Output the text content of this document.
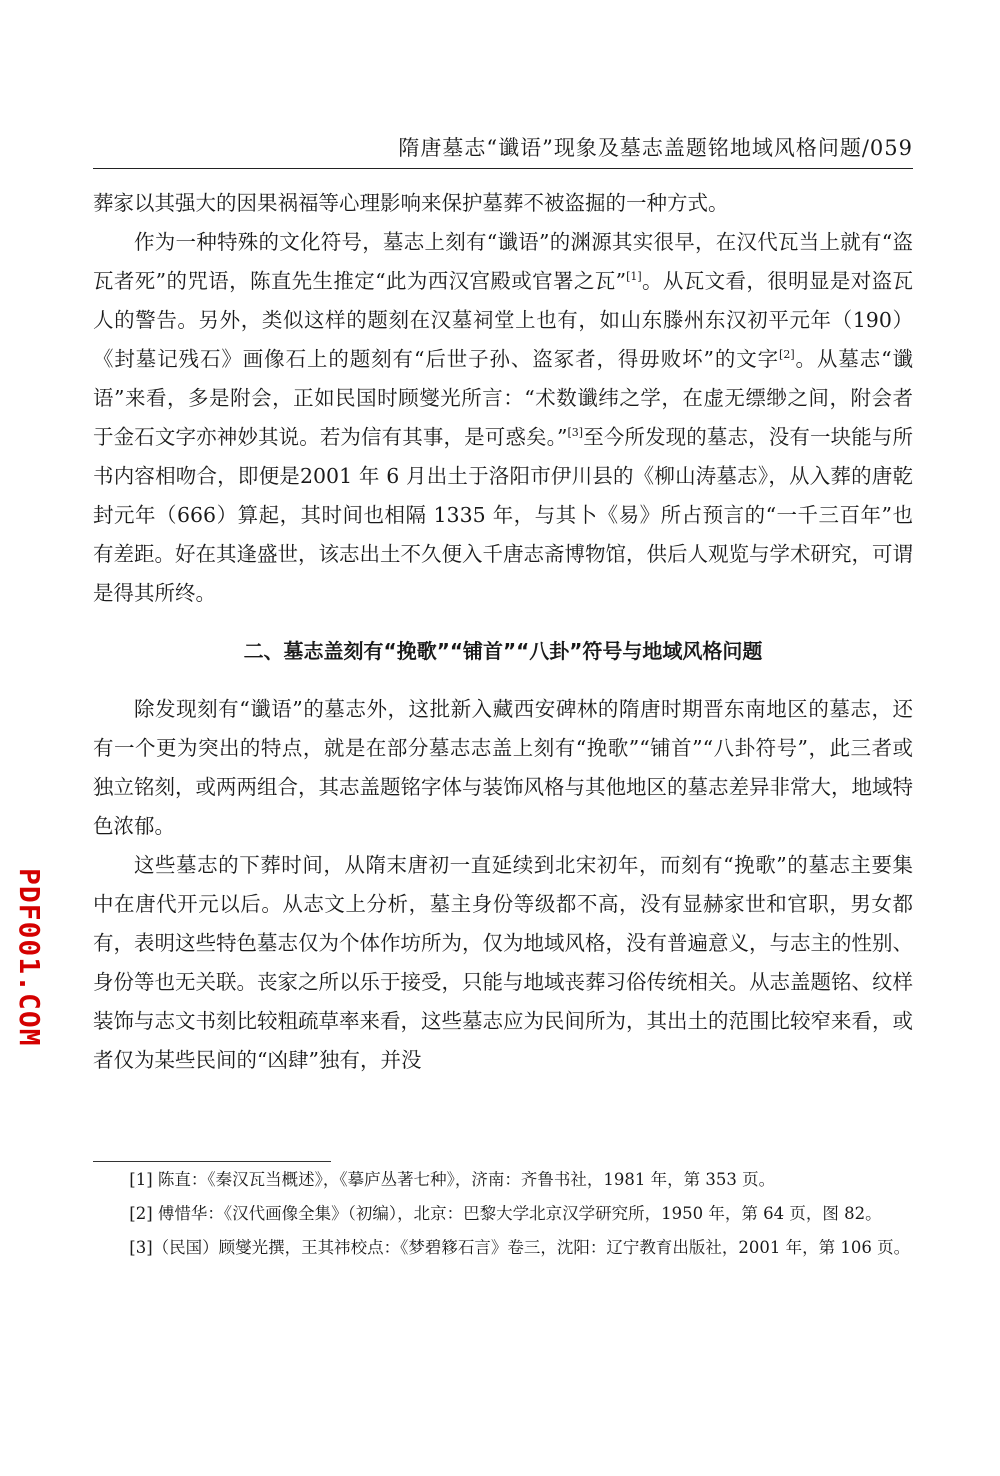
隋唐墓志“谶语”现象及墓志盖题铭地域风格问题/059

葬家以其强大的因果祸福等心理影响来保护墓葬不被盗掘的一种方式。

作为一种特殊的文化符号，墓志上刻有“谶语”的渊源其实很早，在汉代瓦当上就有“盗瓦者死”的咒语，陈直先生推定“此为西汉宫殿或官署之瓦”[1]。从瓦文看，很明显是对盗瓦人的警告。另外，类似这样的题刻在汉墓祠堂上也有，如山东滕州东汉初平元年（190）《封墓记残石》画像石上的题刻有“后世子孙、盗冢者，得毋败坏”的文字[2]。从墓志“谶语”来看，多是附会，正如民国时顾燮光所言：“术数谶纬之学，在虚无缥缈之间，附会者于金石文字亦神妙其说。若为信有其事，是可惑矣。”[3]至今所发现的墓志，没有一块能与所书内容相吻合，即便是2001 年 6 月出土于洛阳市伊川县的《柳山涛墓志》，从入葬的唐乾封元年（666）算起，其时间也相隔 1335 年，与其卜《易》所占预言的“一千三百年”也有差距。好在其逢盛世，该志出土不久便入千唐志斋博物馆，供后人观览与学术研究，可谓是得其所终。

二、墓志盖刻有“挽歌”“铺首”“八卦”符号与地域风格问题

除发现刻有“谶语”的墓志外，这批新入藏西安碑林的隋唐时期晋东南地区的墓志，还有一个更为突出的特点，就是在部分墓志志盖上刻有“挽歌”“铺首”“八卦符号”，此三者或独立铭刻，或两两组合，其志盖题铭字体与装饰风格与其他地区的墓志差异非常大，地域特色浓郁。

这些墓志的下葬时间，从隋末唐初一直延续到北宋初年，而刻有“挽歌”的墓志主要集中在唐代开元以后。从志文上分析，墓主身份等级都不高，没有显赫家世和官职，男女都有，表明这些特色墓志仅为个体作坊所为，仅为地域风格，没有普遍意义，与志主的性别、身份等也无关联。丧家之所以乐于接受，只能与地域丧葬习俗传统相关。从志盖题铭、纹样装饰与志文书刻比较粗疏草率来看，这些墓志应为民间所为，其出土的范围比较窄来看，或者仅为某些民间的“凶肆”独有，并没

[1] 陈直：《秦汉瓦当概述》，《摹庐丛著七种》，济南：齐鲁书社，1981 年，第 353 页。

[2] 傅惜华：《汉代画像全集》（初编），北京：巴黎大学北京汉学研究所，1950 年，第 64 页，图 82。

[3]（民国）顾燮光撰，王其祎校点：《梦碧簃石言》卷三，沈阳：辽宁教育出版社，2001 年，第 106 页。

PDF001.COM
